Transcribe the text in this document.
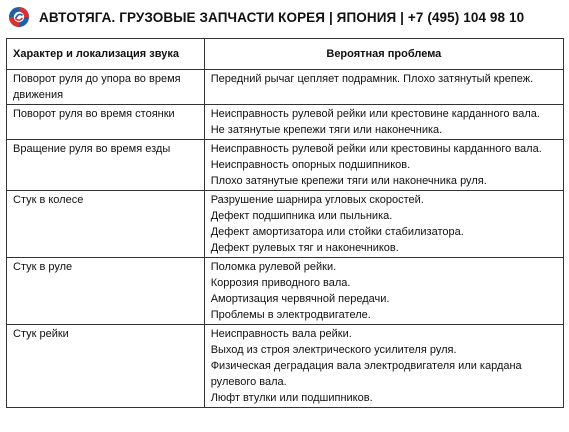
АВТОТЯГА. ГРУЗОВЫЕ ЗАПЧАСТИ КОРЕЯ | ЯПОНИЯ | +7 (495) 104 98 10
Характер и локализация звука	Вероятная проблема
Поворот руля до упора во время движения	Передний рычаг цепляет подрамник. Плохо затянутый крепеж.

Поворот руля во время стоянки	Неисправность рулевой рейки или крестовине карданного вала.
Не затянутые крепежи тяги или наконечника.

Вращение руля во время езды	Неисправность рулевой рейки или крестовины карданного вала.
Неисправность опорных подшипников.
Плохо затянутые крепежи тяги или наконечника руля.

Стук в колесе	Разрушение шарнира угловых скоростей.
Дефект подшипника или пыльника.
Дефект амортизатора или стойки стабилизатора.
Дефект рулевых тяг и наконечников.

Стук в руле	Поломка рулевой рейки.
Коррозия приводного вала.
Амортизация червячной передачи.
Проблемы в электродвигателе.

Стук рейки	Неисправность вала рейки.
Выход из строя электрического усилителя руля.
Физическая деградация вала электродвигателя или кардана рулевого вала.
Люфт втулки или подшипников.
